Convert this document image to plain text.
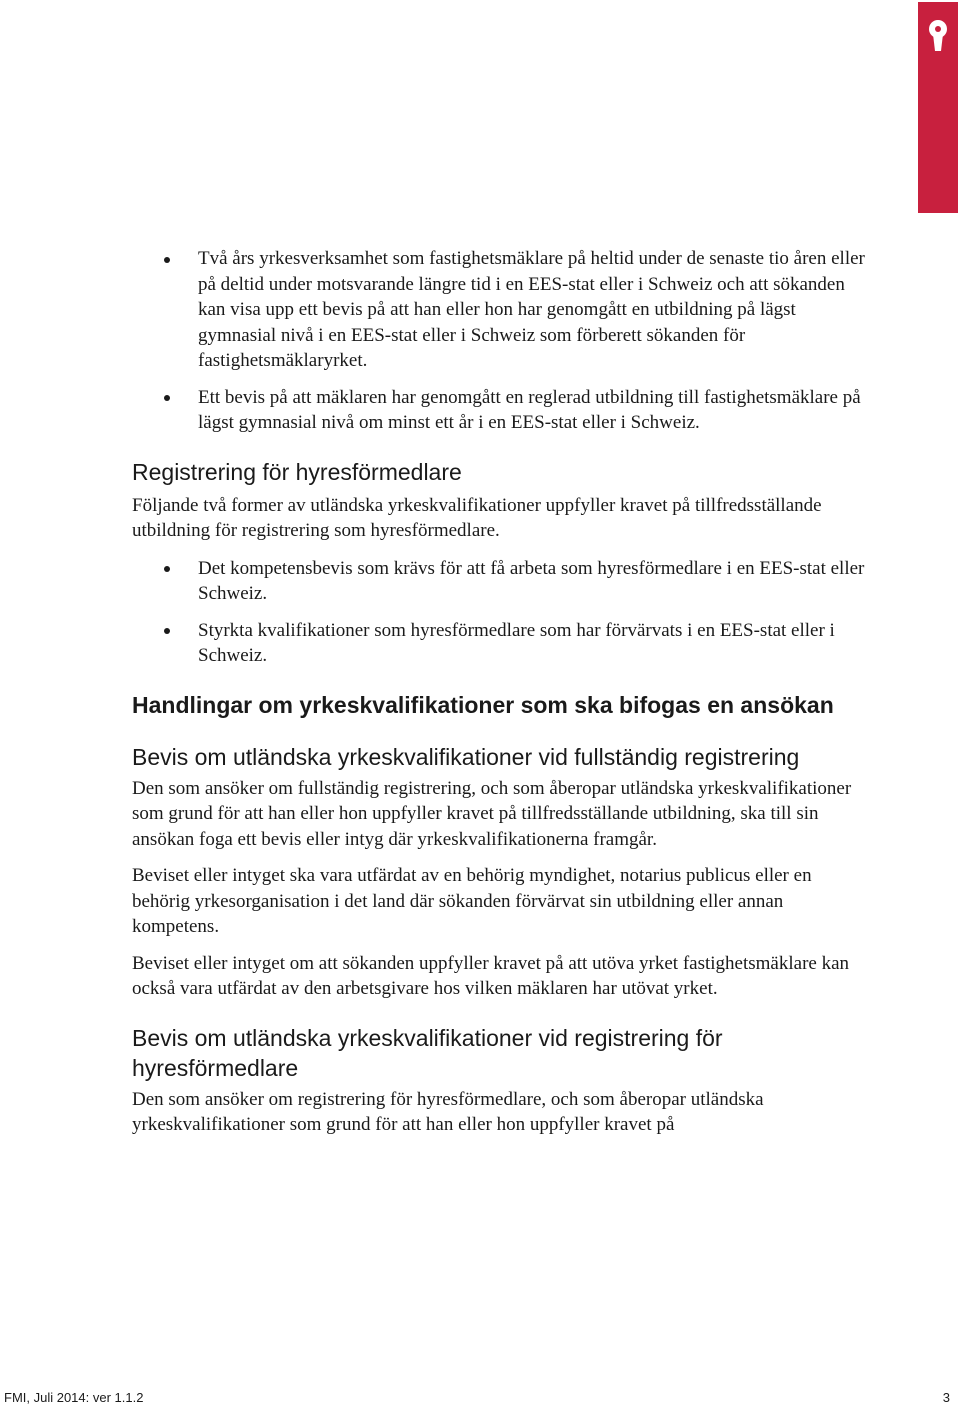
Två års yrkesverksamhet som fastighetsmäklare på heltid under de senaste tio åren eller på deltid under motsvarande längre tid i en EES-stat eller i Schweiz och att sökanden kan visa upp ett bevis på att han eller hon har genomgått en utbildning på lägst gymnasial nivå i en EES-stat eller i Schweiz som förberett sökanden för fastighetsmäklaryrket.
Ett bevis på att mäklaren har genomgått en reglerad utbildning till fastighetsmäklare på lägst gymnasial nivå om minst ett år i en EES-stat eller i Schweiz.
Registrering för hyresförmedlare

Följande två former av utländska yrkeskvalifikationer uppfyller kravet på tillfredsställande utbildning för registrering som hyresförmedlare.

Det kompetensbevis som krävs för att få arbeta som hyresförmedlare i en EES-stat eller Schweiz.
Styrkta kvalifikationer som hyresförmedlare som har förvärvats i en EES-stat eller i Schweiz.
Handlingar om yrkeskvalifikationer som ska bifogas en ansökan
Bevis om utländska yrkeskvalifikationer vid fullständig registrering

Den som ansöker om fullständig registrering, och som åberopar utländska yrkeskvalifikationer som grund för att han eller hon uppfyller kravet på tillfredsställande utbildning, ska till sin ansökan foga ett bevis eller intyg där yrkeskvalifikationerna framgår.

Beviset eller intyget ska vara utfärdat av en behörig myndighet, notarius publicus eller en behörig yrkesorganisation i det land där sökanden förvärvat sin utbildning eller annan kompetens.

Beviset eller intyget om att sökanden uppfyller kravet på att utöva yrket fastighetsmäklare kan också vara utfärdat av den arbetsgivare hos vilken mäklaren har utövat yrket.

Bevis om utländska yrkeskvalifikationer vid registrering för hyresförmedlare

Den som ansöker om registrering för hyresförmedlare, och som åberopar utländska yrkeskvalifikationer som grund för att han eller hon uppfyller kravet på

FMI, Juli 2014: ver 1.1.2	3
